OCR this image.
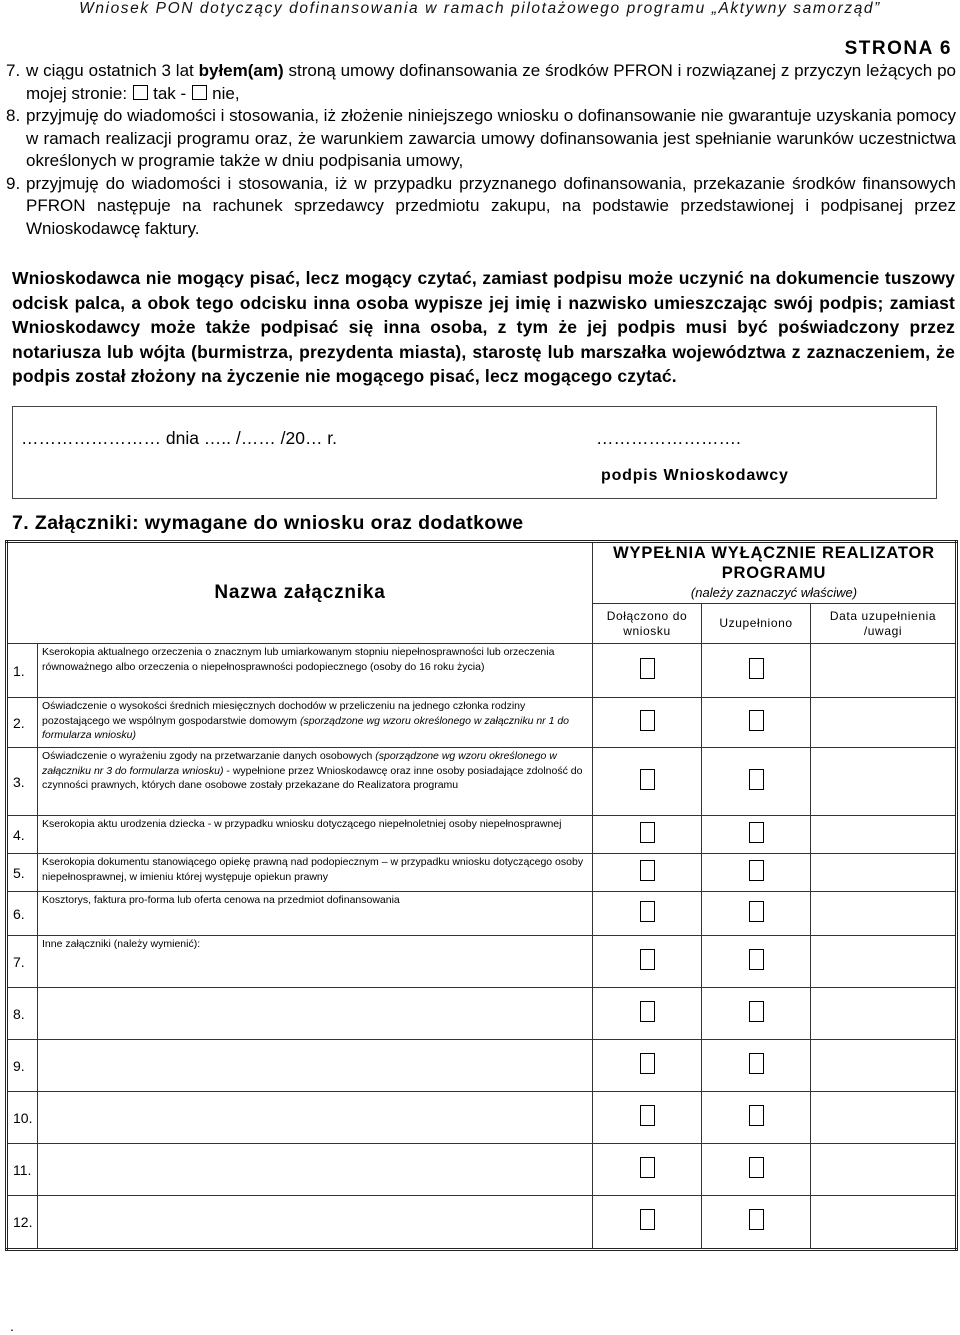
Wniosek PON dotyczący dofinansowania w ramach pilotażowego programu „Aktywny samorząd”
STRONA 6
7. w ciągu ostatnich 3 lat byłem(am) stroną umowy dofinansowania ze środków PFRON i rozwiązanej z przyczyn leżących po mojej stronie: tak - nie,
8. przyjmuję do wiadomości i stosowania, iż złożenie niniejszego wniosku o dofinansowanie nie gwarantuje uzyskania pomocy w ramach realizacji programu oraz, że warunkiem zawarcia umowy dofinansowania jest spełnianie warunków uczestnictwa określonych w programie także w dniu podpisania umowy,
9. przyjmuję do wiadomości i stosowania, iż w przypadku przyznanego dofinansowania, przekazanie środków finansowych PFRON następuje na rachunek sprzedawcy przedmiotu zakupu, na podstawie przedstawionej i podpisanej przez Wnioskodawcę faktury.
Wnioskodawca nie mogący pisać, lecz mogący czytać, zamiast podpisu może uczynić na dokumencie tuszowy odcisk palca, a obok tego odcisku inna osoba wypisze jej imię i nazwisko umieszczając swój podpis; zamiast Wnioskodawcy może także podpisać się inna osoba, z tym że jej podpis musi być poświadczony przez notariusza lub wójta (burmistrza, prezydenta miasta), starostę lub marszałka województwa z zaznaczeniem, że podpis został złożony na życzenie nie mogącego pisać, lecz mogącego czytać.
…………………… dnia ….. /…… /20… r.	…………………….
podpis Wnioskodawcy
7. Załączniki: wymagane do wniosku oraz dodatkowe
Nazwa załącznika		WYPEŁNIA WYŁĄCZNIE REALIZATOR PROGRAMU
(należy zaznaczyć właściwe)		

		Dołączono do wniosku	Uzupełniono	Data uzupełnienia /uwagi
1.	Kserokopia aktualnego orzeczenia o znacznym lub umiarkowanym stopniu niepełnosprawności lub orzeczenia równoważnego albo orzeczenia o niepełnosprawności podopiecznego (osoby do 16 roku życia)			
2.	Oświadczenie o wysokości średnich miesięcznych dochodów w przeliczeniu na jednego członka rodziny pozostającego we wspólnym gospodarstwie domowym (sporządzone wg wzoru określonego w załączniku nr 1 do formularza wniosku)			
3.	Oświadczenie o wyrażeniu zgody na przetwarzanie danych osobowych (sporządzone wg wzoru określonego w załączniku nr 3 do formularza wniosku) - wypełnione przez Wnioskodawcę oraz inne osoby posiadające zdolność do czynności prawnych, których dane osobowe zostały przekazane do Realizatora programu			
4.	Kserokopia aktu urodzenia dziecka - w przypadku wniosku dotyczącego niepełnoletniej osoby niepełnosprawnej			
5.	Kserokopia dokumentu stanowiącego opiekę prawną nad podopiecznym – w przypadku wniosku dotyczącego osoby niepełnosprawnej, w imieniu której występuje opiekun prawny			
6.	Kosztorys, faktura pro-forma lub oferta cenowa na przedmiot dofinansowania			
7.	Inne załączniki (należy wymienić):			
8.				
9.				
10.				
11.				
12.				
.
